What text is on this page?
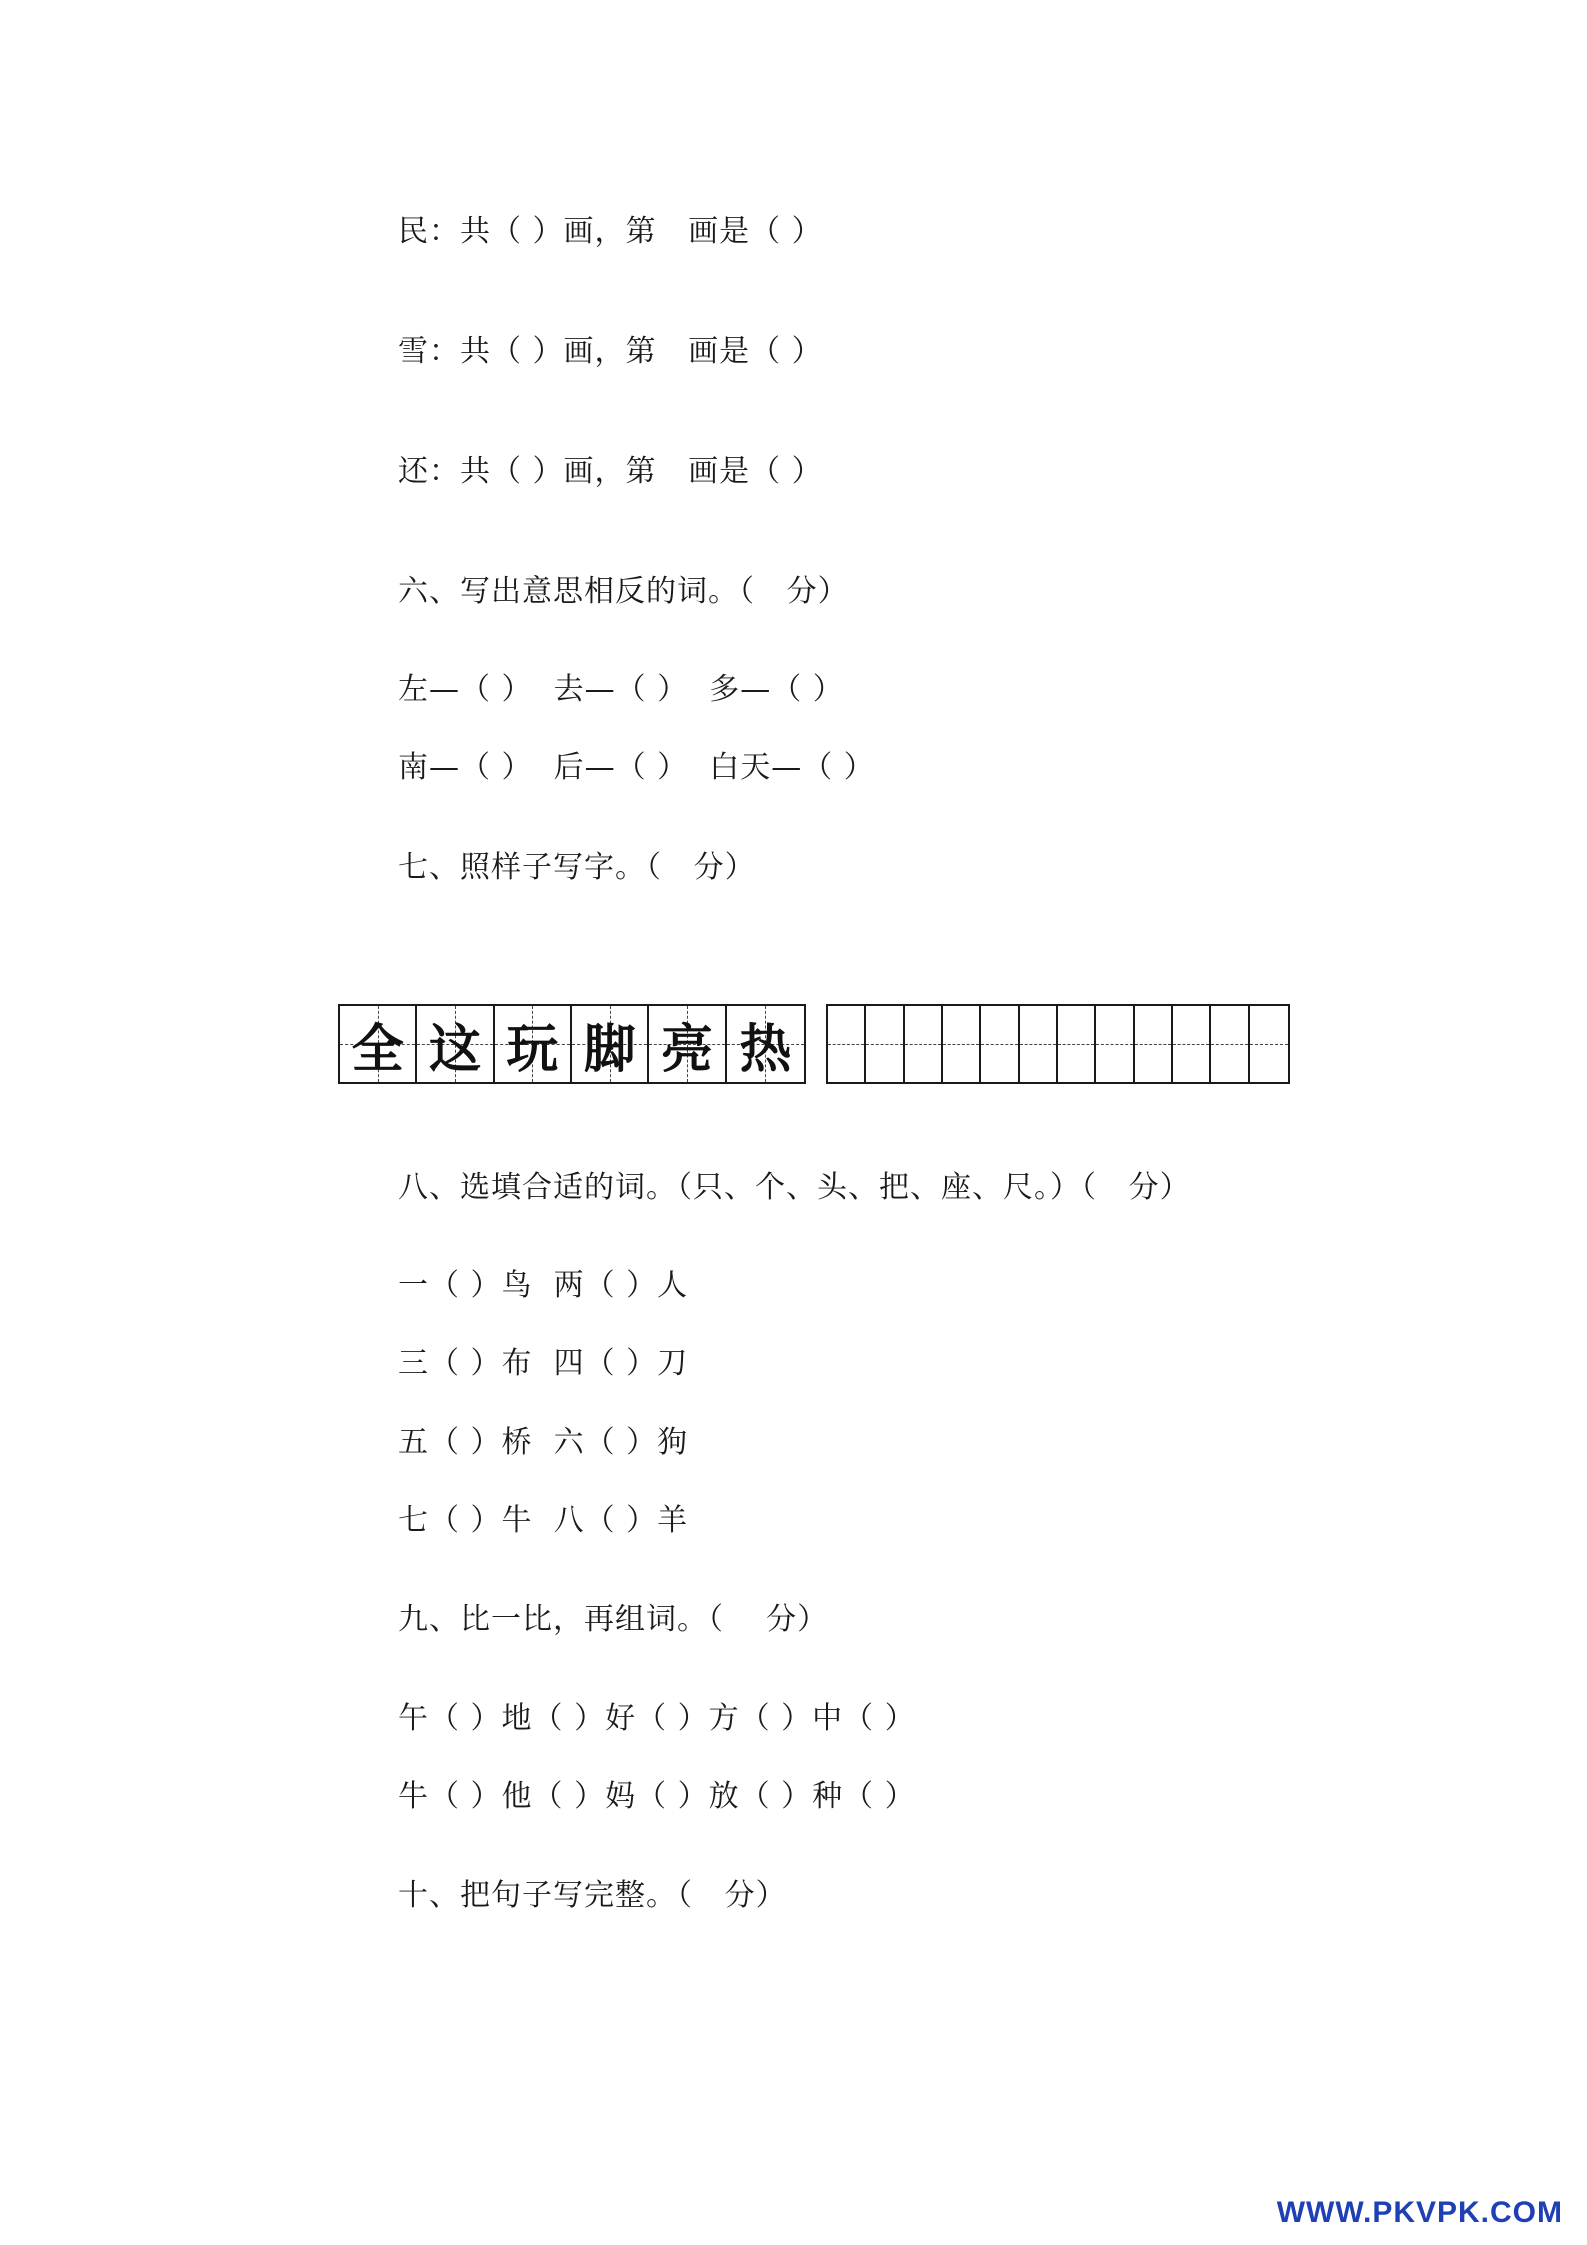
民：共（ ）画，第   画是（ ）
雪：共（ ）画，第   画是（ ）
还：共（ ）画，第   画是（ ）
六、写出意思相反的词。（   分）
左—（ ）  去—（ ）  多—（ ）
南—（ ）  后—（ ）  白天—（ ）
七、照样子写字。（   分）
全 这 玩 脚 亮 热
八、选填合适的词。（只、个、头、把、座、尺。）（   分）
一（ ）鸟  两（ ）人
三（ ）布  四（ ）刀
五（ ）桥  六（ ）狗
七（ ）牛  八（ ）羊
九、比一比，再组词。（    分）
午（ ）地（ ）好（ ）方（ ）中（ ）
牛（ ）他（ ）妈（ ）放（ ）种（ ）
十、把句子写完整。（   分）
WWW.PKVPK.COM
